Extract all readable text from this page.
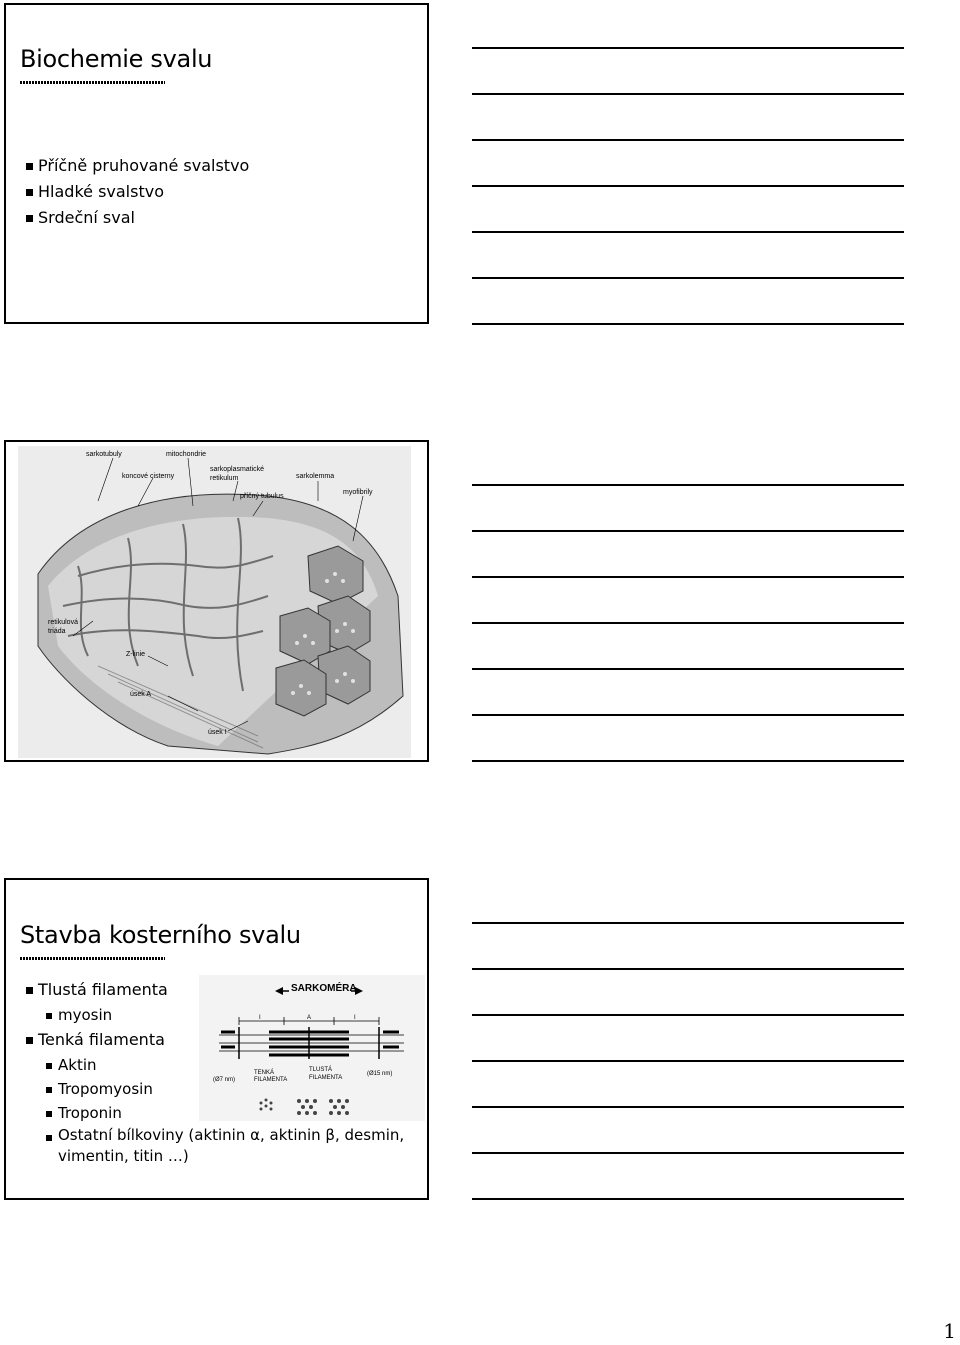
Biochemie svalu
Příčně pruhované svalstvo
Hladké svalstvo
Srdeční sval
sarkotubuly	mitochondrie
koncové cisterny
sarkoplasmatické
retikulum	sarkolemma
příčný tubulus
myofibrily
retikulová
triáda
Z-linie
úsek A
úsek I
Stavba kosterního svalu
Tlustá filamenta
myosin
Tenká filamenta
Aktin
Tropomyosin
Troponin
Ostatní bílkoviny (aktinin α, aktinin β, desmin, vimentin, titin …)
SARKOMÉRA
I	A	I
(Ø7 nm)
TENKÁ
FILAMENTA
TLUSTÁ
FILAMENTA
(Ø15 nm)
1
